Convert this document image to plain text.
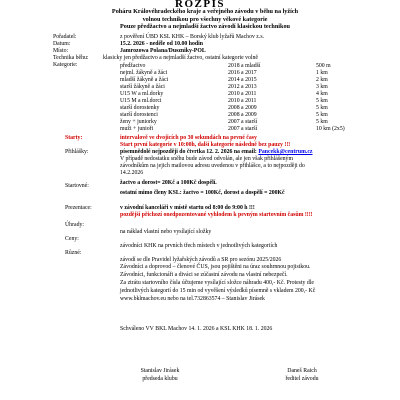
ROZPIS
Poháru Královéhradeckého kraje a veřejného závodu v běhu na lyžích
volnou technikou pro všechny věkové kategorie
Pouze předžactvo a nejmladší žactvo závodí klasickou technikou
Pořadatel:	z pověření ÚBD KSL KHK – Borský klub lyžařů Machov z.s.
Datum:	15.2. 2026 - neděle od 10.00 hodin
Místo:	Jamrozowa Polana/Duszniky-POL
Technika běhu:	klasicky jen předžactvo a nejmladší žactvo, ostatní kategorie volně
Kategorie:	předžactvo	2018 a mladší	500 m
nejml. žákyně a žáci	2016 a 2017	1 km
mladší žákyně a žáci	2014 a 2015	2 km
starší žákyně a žáci	2012 a 2013	3 km
U15 W a ml.dorky	2010 a 2011	4 km
U15 M a ml.dorci	2010 a 2011	5 km
starší dorostenky	2008 a 2009	5 km
starší dorostenci	2008 a 2009	5 km
ženy + juniorky	2007 a starší	5 km
muži + junioři	2007 a starší	10 km (2x5)
Starty:	intervalově ve dvojicích po 30 sekundách na pevné časy
Start první kategorie v 10:00h, další kategorie následně bez pauzy !!!
Přihlášky:	písemnědolé nejpozději do čtvrtka 12. 2. 2026 na email: Pancekk@centrum.cz
V případě nedostatku sněhu bude závod odvolán, ale jen však přihlášeným
závodníkům na jejich mailovou adresu uvedenou v přihlášce, a to nejpozději do
14.2.2026
Startovné:	žactvo a dorost= 20Kč a 100Kč dospělí.
ostatní mimo členy KSL: žactvo = 100Kč, dorost a dospělí = 200Kč
Prezentace:	v závodní kanceláři v místě startu od 8:00 do 9:00 h !!!
pozdější přichozí onedpozentované vyhlodem k pevným startovním časům !!!!
Úhrady:
na náklad vlastní nebo vysílající složky
Ceny:
závodníci KHK na prvních třech místech v jednotlivých kategoriích
Různé:
závodí se dle Pravidel lyžařských závodů a SR pro sezónu 2025/2026
Závodníci a doprovod – členové ČUS, jsou pojištěni na úraz souhrnnou pojistkou.
Závodníci, funkcionáři a diváci se zúčastní závodu na vlastní nebezpečí.
Za ztrátu startovního čísla účtujeme vysílající složce náhradu 400,- Kč. Protesty dle
jednotlivých kategorií do 15 min od vyvěšení výsledků písemně s vkladem 200,- Kč
www.bklmachov.eu nebo na tel.732863574 – Stanislav Jirásek
Schváleno VV BKL Machov 14. 1. 2026 a KSL KHK 18. 1. 2026
Stanislav Jirásek
předseda klubu
Daneš Raich
ředitel závodu
